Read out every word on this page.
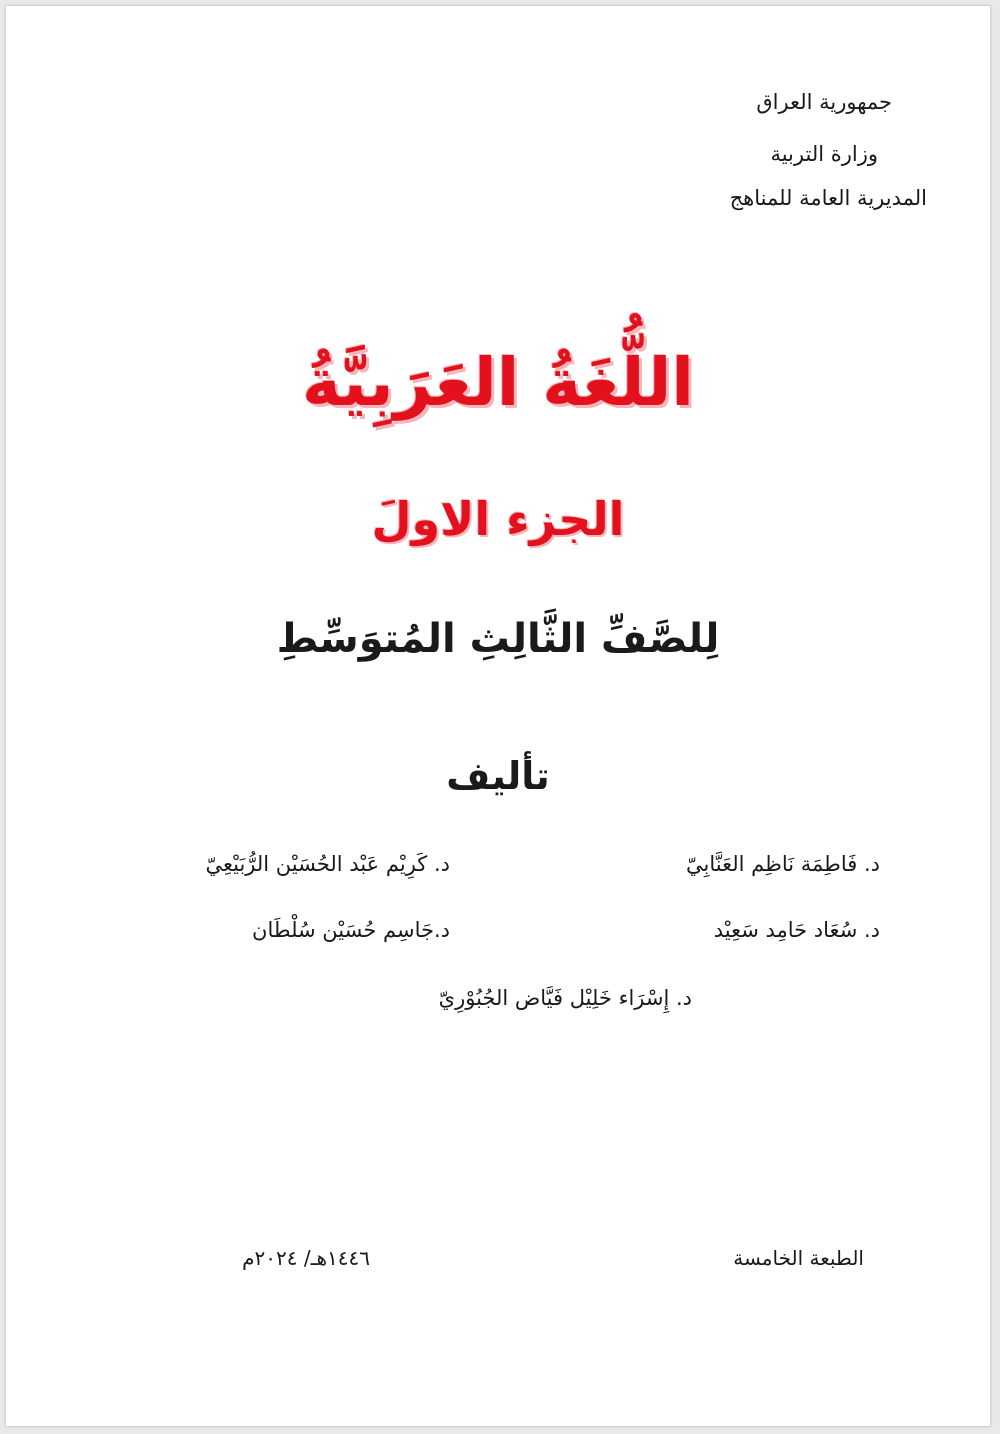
جمهورية العراق
وزارة التربية
المديرية العامة للمناهج
اللُّغَةُ العَرَبِيَّةُ
الجزء الاولَ
لِلصَّفِّ الثَّالِثِ المُتوَسِّطِ
تأليف
د. فَاطِمَة نَاظِم العَنَّابِيّ
د. كَرِيْم عَبْد الحُسَيْن الرُّبَيْعِيّ
د. سُعَاد حَامِد سَعِيْد
د.جَاسِم حُسَيْن سُلْطَان
د. إِسْرَاء خَلِيْل فَيَّاض الجُبُوْرِيّ
الطبعة الخامسة
١٤٤٦هـ/ ٢٠٢٤م
